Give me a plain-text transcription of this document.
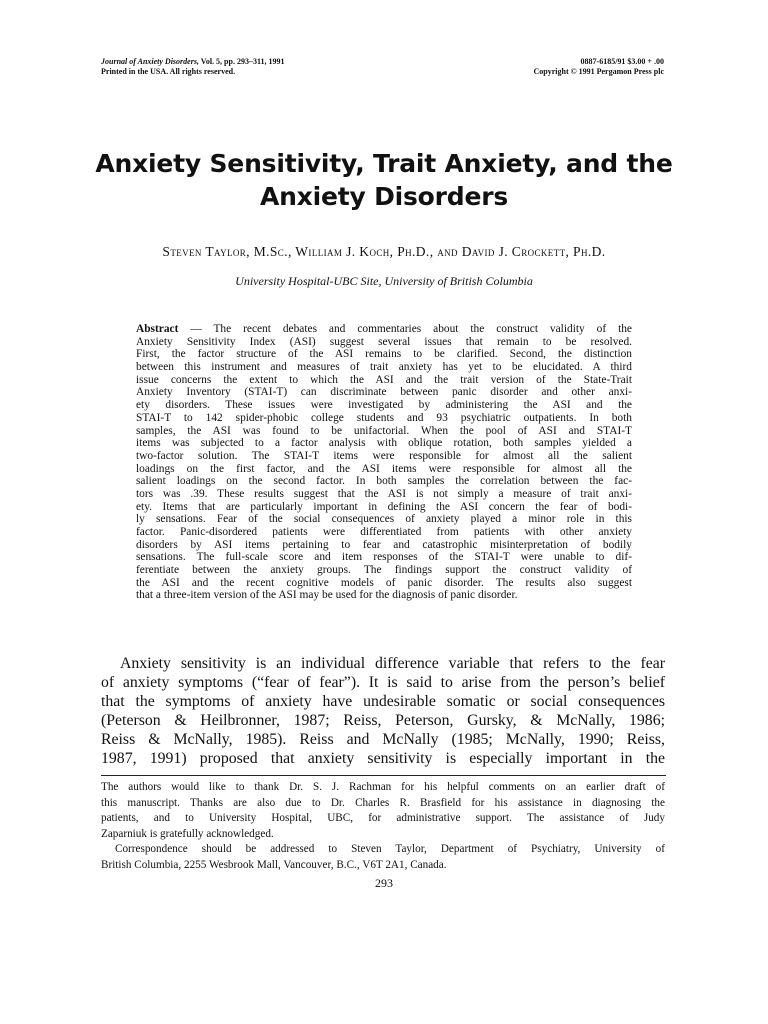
Journal of Anxiety Disorders, Vol. 5, pp. 293–311, 1991
Printed in the USA. All rights reserved.
0887-6185/91 $3.00 + .00
Copyright © 1991 Pergamon Press plc
Anxiety Sensitivity, Trait Anxiety, and the
Anxiety Disorders
Steven Taylor, M.Sc., William J. Koch, Ph.D., and David J. Crockett, Ph.D.
University Hospital-UBC Site, University of British Columbia
Abstract — The recent debates and commentaries about the construct validity of the
Anxiety Sensitivity Index (ASI) suggest several issues that remain to be resolved.
First, the factor structure of the ASI remains to be clarified. Second, the distinction
between this instrument and measures of trait anxiety has yet to be elucidated. A third
issue concerns the extent to which the ASI and the trait version of the State-Trait
Anxiety Inventory (STAI-T) can discriminate between panic disorder and other anxi-
ety disorders. These issues were investigated by administering the ASI and the
STAI-T to 142 spider-phobic college students and 93 psychiatric outpatients. In both
samples, the ASI was found to be unifactorial. When the pool of ASI and STAI-T
items was subjected to a factor analysis with oblique rotation, both samples yielded a
two-factor solution. The STAI-T items were responsible for almost all the salient
loadings on the first factor, and the ASI items were responsible for almost all the
salient loadings on the second factor. In both samples the correlation between the fac-
tors was .39. These results suggest that the ASI is not simply a measure of trait anxi-
ety. Items that are particularly important in defining the ASI concern the fear of bodi-
ly sensations. Fear of the social consequences of anxiety played a minor role in this
factor. Panic-disordered patients were differentiated from patients with other anxiety
disorders by ASI items pertaining to fear and catastrophic misinterpretation of bodily
sensations. The full-scale score and item responses of the STAI-T were unable to dif-
ferentiate between the anxiety groups. The findings support the construct validity of
the ASI and the recent cognitive models of panic disorder. The results also suggest
that a three-item version of the ASI may be used for the diagnosis of panic disorder.
Anxiety sensitivity is an individual difference variable that refers to the fear
of anxiety symptoms (“fear of fear”). It is said to arise from the person’s belief
that the symptoms of anxiety have undesirable somatic or social consequences
(Peterson & Heilbronner, 1987; Reiss, Peterson, Gursky, & McNally, 1986;
Reiss & McNally, 1985). Reiss and McNally (1985; McNally, 1990; Reiss,
1987, 1991) proposed that anxiety sensitivity is especially important in the
The authors would like to thank Dr. S. J. Rachman for his helpful comments on an earlier draft of
this manuscript. Thanks are also due to Dr. Charles R. Brasfield for his assistance in diagnosing the
patients, and to University Hospital, UBC, for administrative support. The assistance of Judy
Zaparniuk is gratefully acknowledged.
Correspondence should be addressed to Steven Taylor, Department of Psychiatry, University of
British Columbia, 2255 Wesbrook Mall, Vancouver, B.C., V6T 2A1, Canada.
293
